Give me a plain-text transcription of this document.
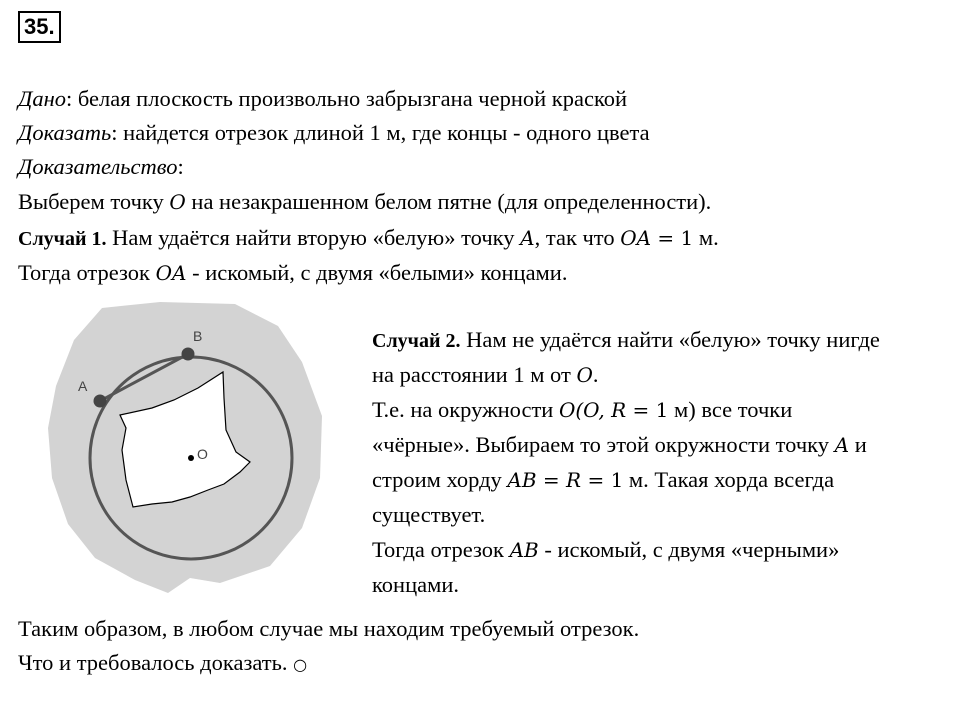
35.
Дано: белая плоскость произвольно забрызгана черной краской
Доказать: найдется отрезок длиной 1 м, где концы - одного цвета
Доказательство:
Выберем точку O на незакрашенном белом пятне (для определенности).
Случай 1. Нам удаётся найти вторую «белую» точку A, так что OA = 1 м.
Тогда отрезок OA - искомый, с двумя «белыми» концами.
A
B
O
Случай 2. Нам не удаётся найти «белую» точку нигде
на расстоянии 1 м от O.
Т.е. на окружности O(O, R = 1 м) все точки
«чёрные». Выбираем то этой окружности точку A и
строим хорду AB = R = 1 м. Такая хорда всегда
существует.
Тогда отрезок AB - искомый, с двумя «черными»
концами.
Таким образом, в любом случае мы находим требуемый отрезок.
Что и требовалось доказать. ○
